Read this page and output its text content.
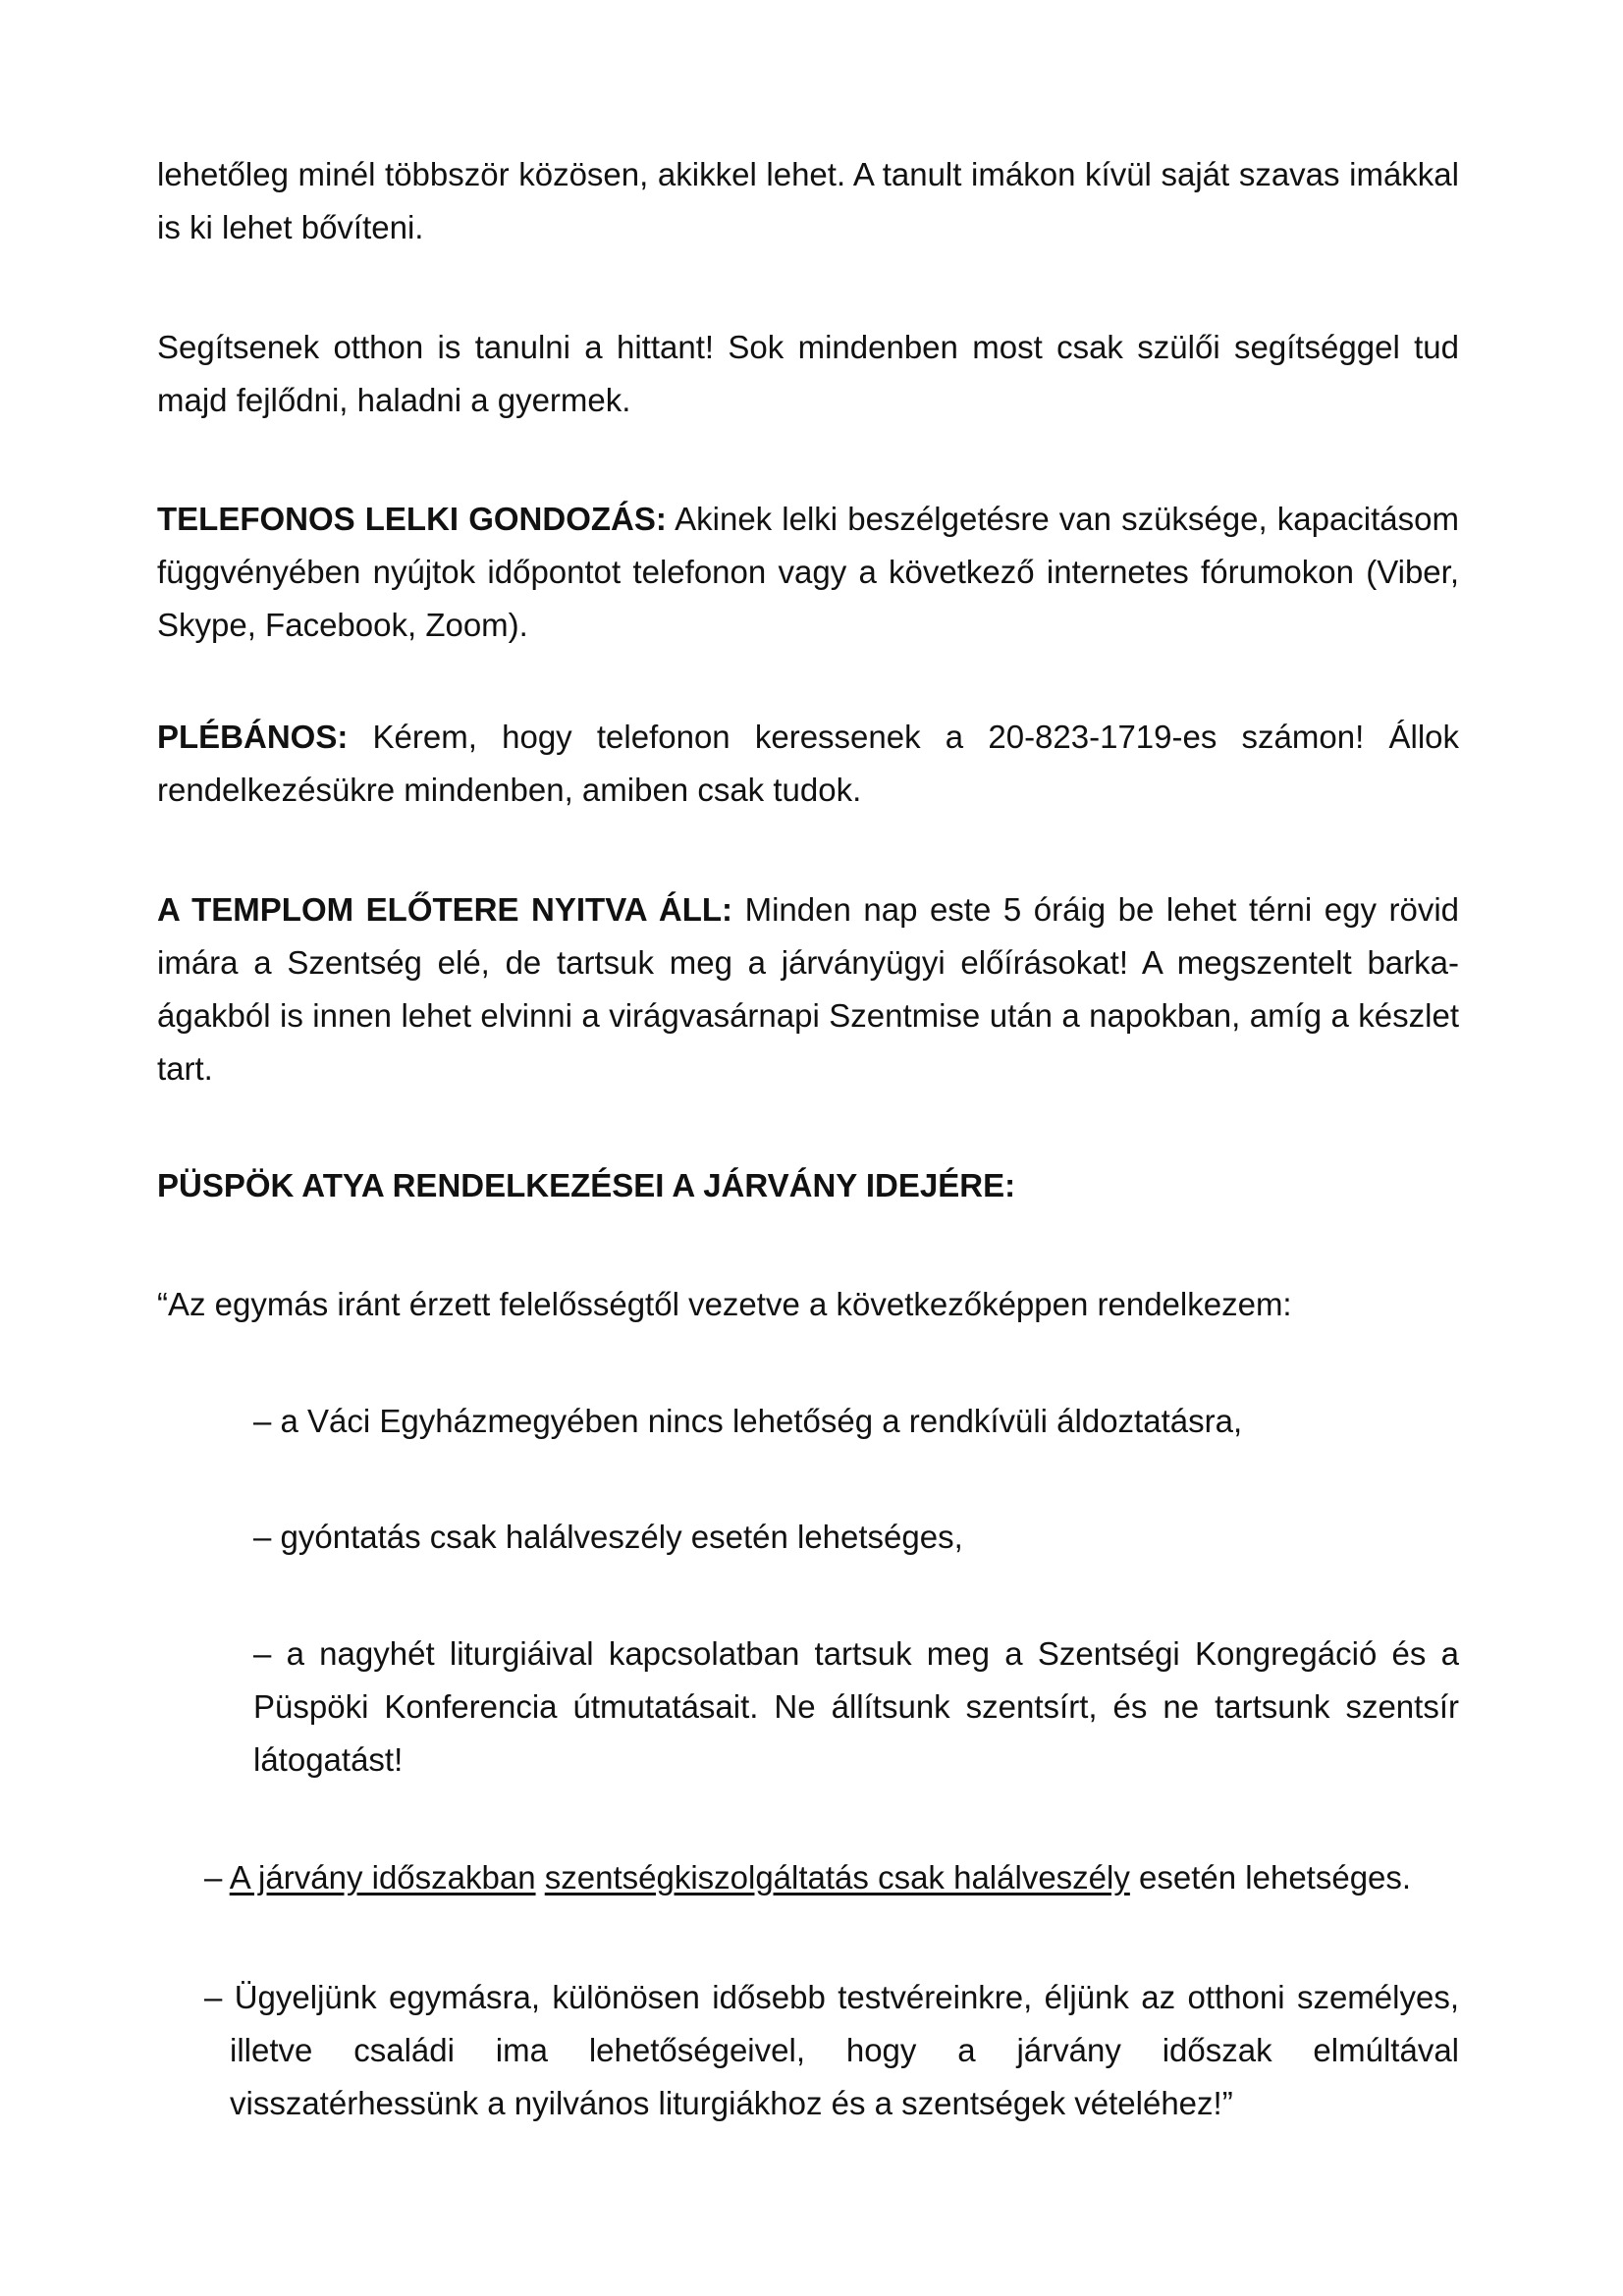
lehetőleg minél többször közösen, akikkel lehet. A tanult imákon kívül saját szavas imákkal is ki lehet bővíteni.

Segítsenek otthon is tanulni a hittant! Sok mindenben most csak szülői segítséggel tud majd fejlődni, haladni a gyermek.

TELEFONOS LELKI GONDOZÁS: Akinek lelki beszélgetésre van szüksége, kapacitásom függvényében nyújtok időpontot telefonon vagy a következő internetes fórumokon (Viber, Skype, Facebook, Zoom).

PLÉBÁNOS: Kérem, hogy telefonon keressenek a 20-823-1719-es számon! Állok rendelkezésükre mindenben, amiben csak tudok.

A TEMPLOM ELŐTERE NYITVA ÁLL: Minden nap este 5 óráig be lehet térni egy rövid imára a Szentség elé, de tartsuk meg a járványügyi előírásokat! A megszentelt barka-ágakból is innen lehet elvinni a virágvasárnapi Szentmise után a napokban, amíg a készlet tart.

PÜSPÖK ATYA RENDELKEZÉSEI A JÁRVÁNY IDEJÉRE:

“Az egymás iránt érzett felelősségtől vezetve a következőképpen rendelkezem:

– a Váci Egyházmegyében nincs lehetőség a rendkívüli áldoztatásra,

– gyóntatás csak halálveszély esetén lehetséges,

– a nagyhét liturgiáival kapcsolatban tartsuk meg a Szentségi Kongregáció és a Püspöki Konferencia útmutatásait. Ne állítsunk szentsírt, és ne tartsunk szentsír látogatást!

– A járvány időszakban szentségkiszolgáltatás csak halálveszély esetén lehetséges.

– Ügyeljünk egymásra, különösen idősebb testvéreinkre, éljünk az otthoni személyes, illetve családi ima lehetőségeivel, hogy a járvány időszak elmúltával visszatérhessünk a nyilvános liturgiákhoz és a szentségek vételéhez!”
